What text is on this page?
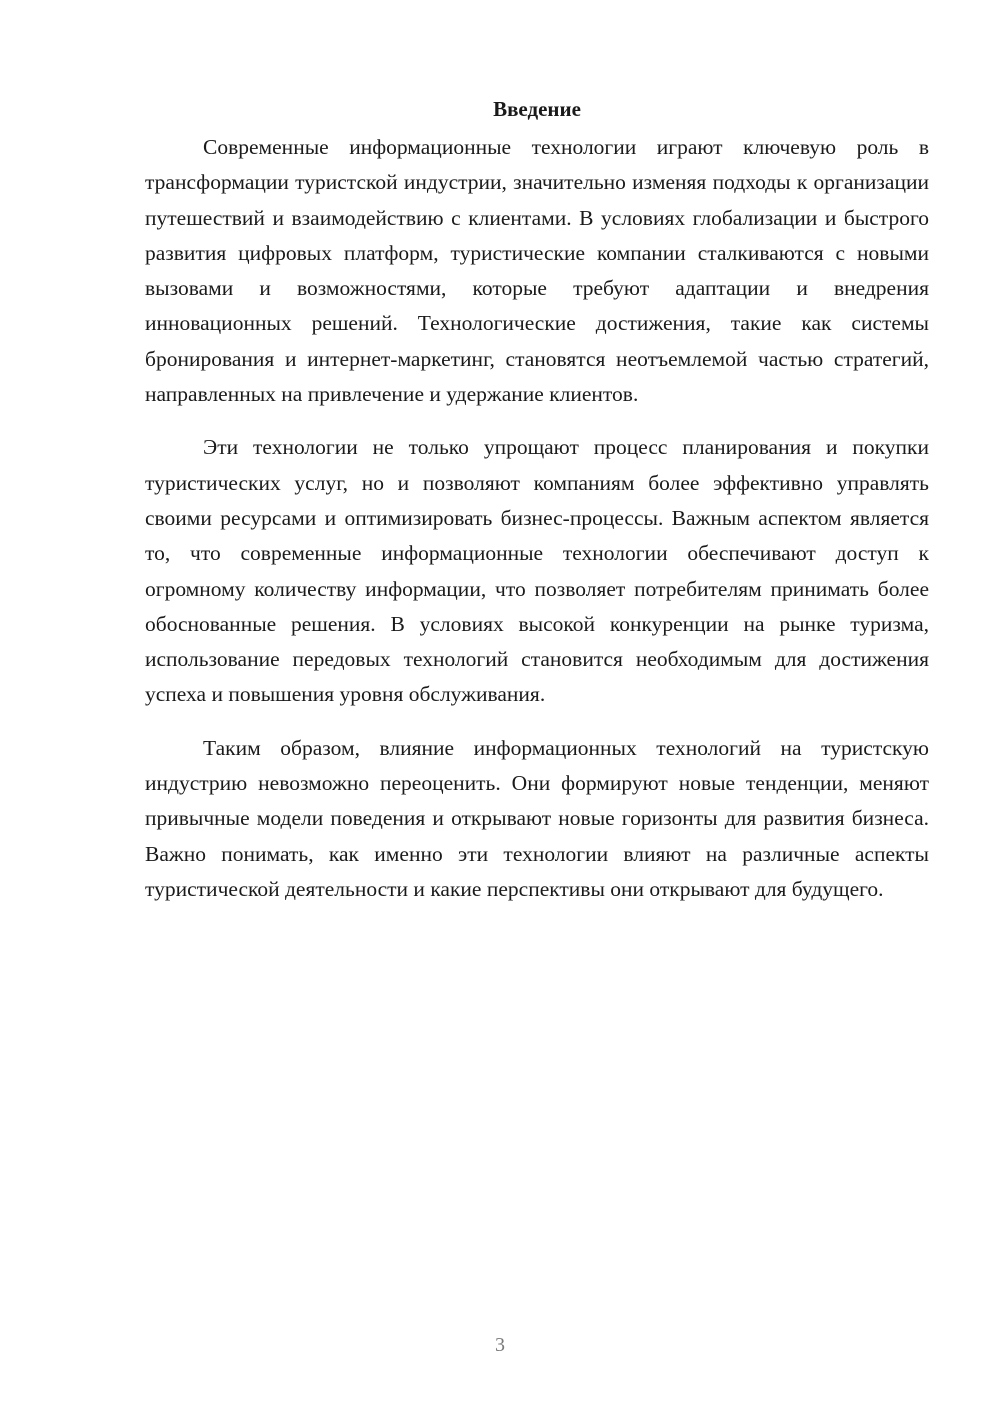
Введение

Современные информационные технологии играют ключевую роль в трансформации туристской индустрии, значительно изменяя подходы к организации путешествий и взаимодействию с клиентами. В условиях глобализации и быстрого развития цифровых платформ, туристические компании сталкиваются с новыми вызовами и возможностями, которые требуют адаптации и внедрения инновационных решений. Технологические достижения, такие как системы бронирования и интернет-маркетинг, становятся неотъемлемой частью стратегий, направленных на привлечение и удержание клиентов.

Эти технологии не только упрощают процесс планирования и покупки туристических услуг, но и позволяют компаниям более эффективно управлять своими ресурсами и оптимизировать бизнес-процессы. Важным аспектом является то, что современные информационные технологии обеспечивают доступ к огромному количеству информации, что позволяет потребителям принимать более обоснованные решения. В условиях высокой конкуренции на рынке туризма, использование передовых технологий становится необходимым для достижения успеха и повышения уровня обслуживания.

Таким образом, влияние информационных технологий на туристскую индустрию невозможно переоценить. Они формируют новые тенденции, меняют привычные модели поведения и открывают новые горизонты для развития бизнеса. Важно понимать, как именно эти технологии влияют на различные аспекты туристической деятельности и какие перспективы они открывают для будущего.

3
